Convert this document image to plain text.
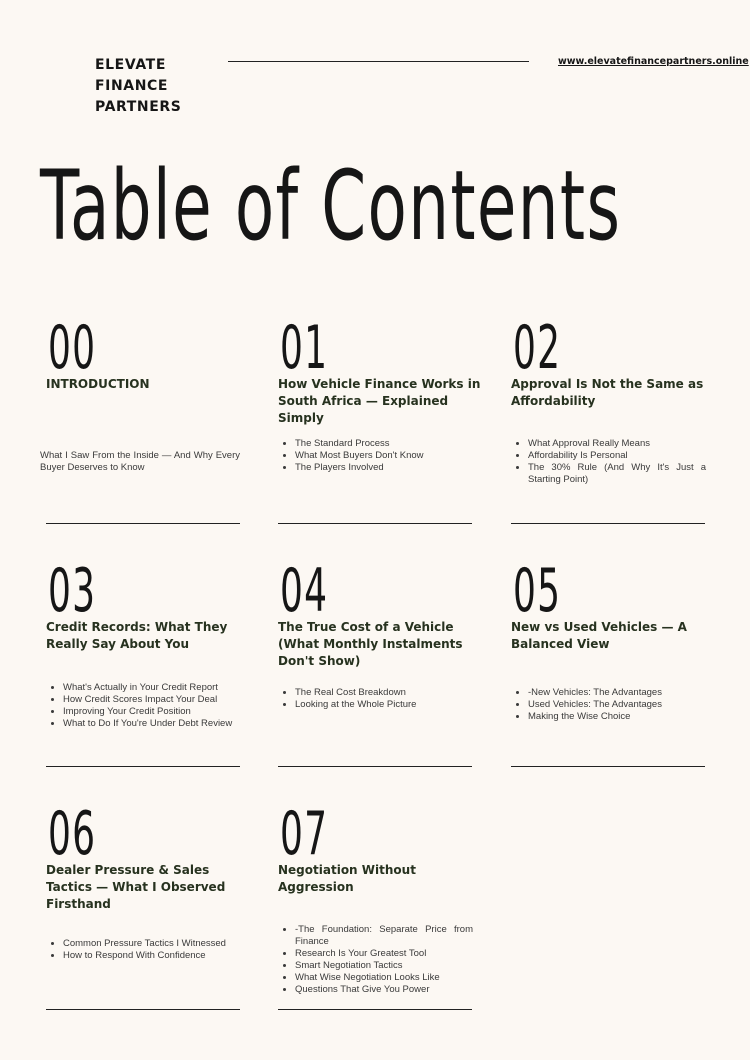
ELEVATE
FINANCE
PARTNERS
www.elevatefinancepartners.online
Table of Contents
00
INTRODUCTION
What I Saw From the Inside — And Why Every Buyer Deserves to Know
01
How Vehicle Finance Works in South Africa — Explained Simply
• The Standard Process
• What Most Buyers Don't Know
• The Players Involved
02
Approval Is Not the Same as Affordability
• What Approval Really Means
• Affordability Is Personal
• The 30% Rule (And Why It's Just a Starting Point)
03
Credit Records: What They Really Say About You
• What's Actually in Your Credit Report
• How Credit Scores Impact Your Deal
• Improving Your Credit Position
• What to Do If You're Under Debt Review
04
The True Cost of a Vehicle (What Monthly Instalments Don't Show)
• The Real Cost Breakdown
• Looking at the Whole Picture
05
New vs Used Vehicles — A Balanced View
• -New Vehicles: The Advantages
• Used Vehicles: The Advantages
• Making the Wise Choice
06
Dealer Pressure & Sales Tactics — What I Observed Firsthand
• Common Pressure Tactics I Witnessed
• How to Respond With Confidence
07
Negotiation Without Aggression
• -The Foundation: Separate Price from Finance
• Research Is Your Greatest Tool
• Smart Negotiation Tactics
• What Wise Negotiation Looks Like
• Questions That Give You Power
